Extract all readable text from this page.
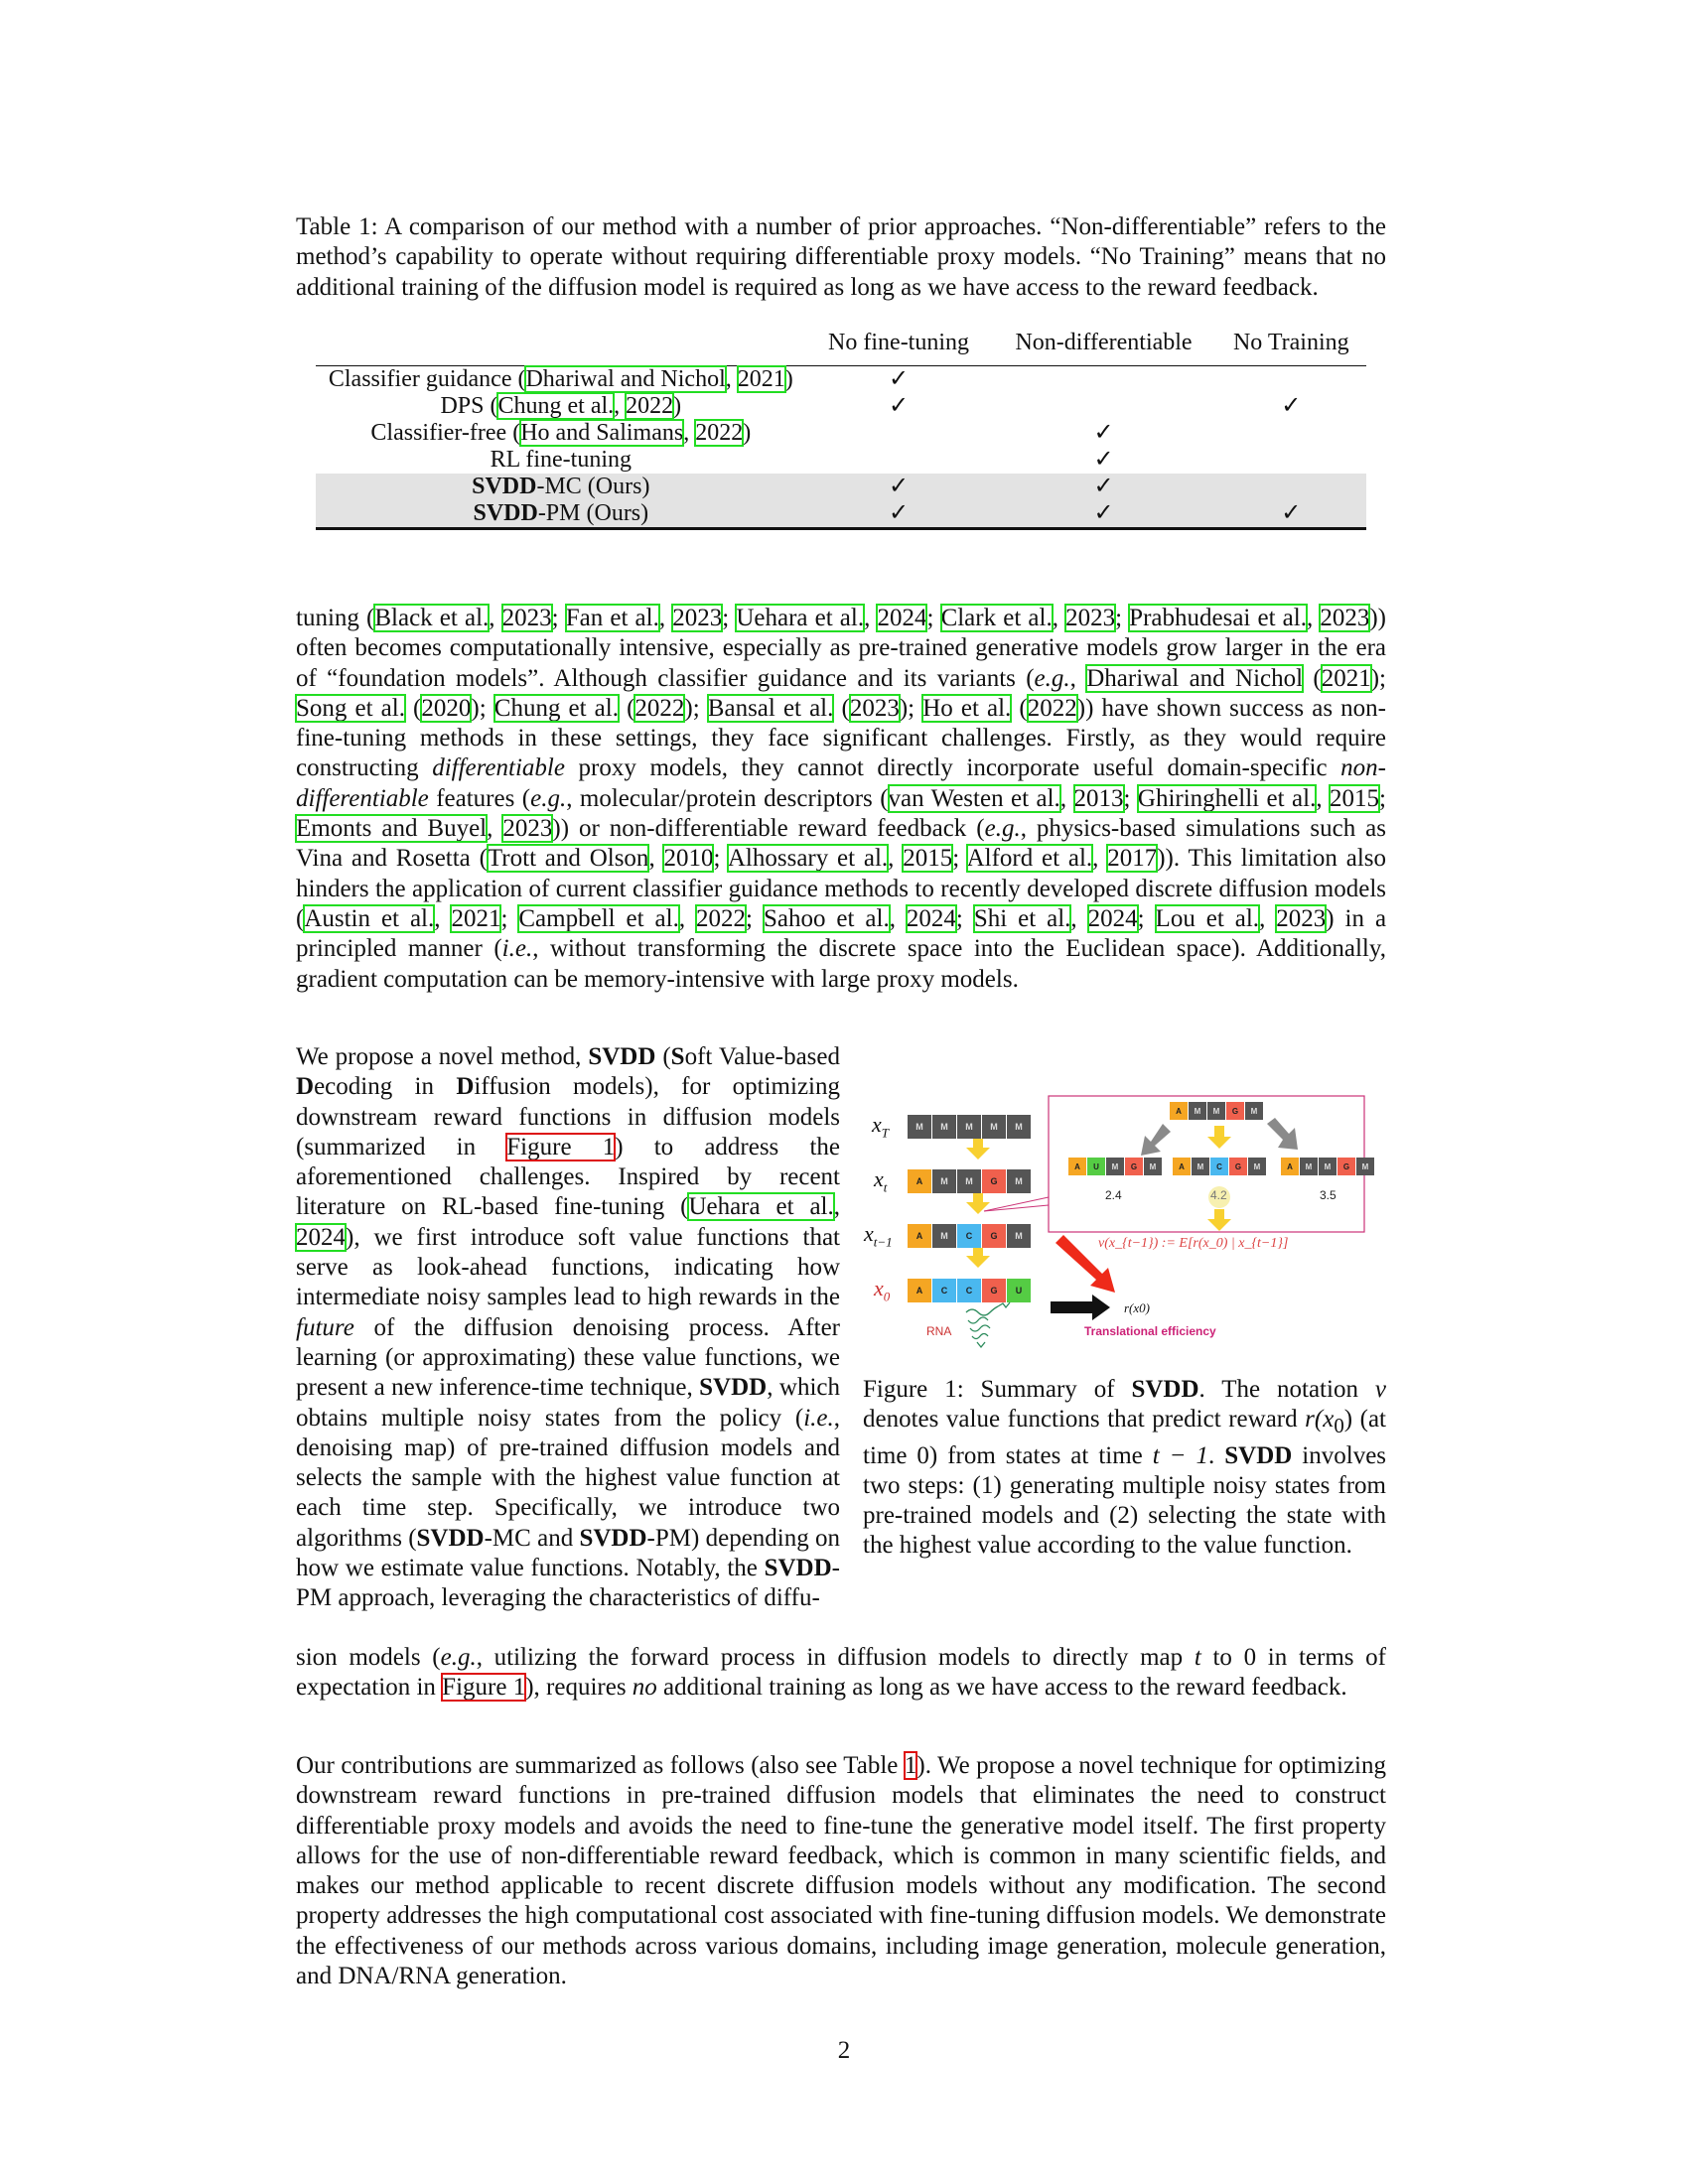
Table 1: A comparison of our method with a number of prior approaches. “Non-differentiable” refers to the method’s capability to operate without requiring differentiable proxy models. “No Training” means that no additional training of the diffusion model is required as long as we have access to the reward feedback.
	No fine-tuning	Non-differentiable	No Training
Classifier guidance (Dhariwal and Nichol, 2021)	✓		
DPS (Chung et al., 2022)	✓		✓
Classifier-free (Ho and Salimans, 2022)		✓	
RL fine-tuning		✓	
SVDD-MC (Ours)	✓	✓	
SVDD-PM (Ours)	✓	✓	✓
tuning (Black et al., 2023; Fan et al., 2023; Uehara et al., 2024; Clark et al., 2023; Prabhudesai et al., 2023)) often becomes computationally intensive, especially as pre-trained generative models grow larger in the era of “foundation models”. Although classifier guidance and its variants (e.g., Dhariwal and Nichol (2021); Song et al. (2020); Chung et al. (2022); Bansal et al. (2023); Ho et al. (2022)) have shown success as non-fine-tuning methods in these settings, they face significant challenges. Firstly, as they would require constructing differentiable proxy models, they cannot directly incorporate useful domain-specific non-differentiable features (e.g., molecular/protein descriptors (van Westen et al., 2013; Ghiringhelli et al., 2015; Emonts and Buyel, 2023)) or non-differentiable reward feedback (e.g., physics-based simulations such as Vina and Rosetta (Trott and Olson, 2010; Alhossary et al., 2015; Alford et al., 2017)). This limitation also hinders the application of current classifier guidance methods to recently developed discrete diffusion models (Austin et al., 2021; Campbell et al., 2022; Sahoo et al., 2024; Shi et al., 2024; Lou et al., 2023) in a principled manner (i.e., without transforming the discrete space into the Euclidean space). Additionally, gradient computation can be memory-intensive with large proxy models.
We propose a novel method, SVDD (Soft Value-based Decoding in Diffusion models), for optimizing downstream reward functions in diffusion models (summarized in Figure 1) to address the aforementioned challenges. Inspired by recent literature on RL-based fine-tuning (Uehara et al., 2024), we first introduce soft value functions that serve as look-ahead functions, indicating how intermediate noisy samples lead to high rewards in the future of the diffusion denoising process. After learning (or approximating) these value functions, we present a new inference-time technique, SVDD, which obtains multiple noisy states from the policy (i.e., denoising map) of pre-trained diffusion models and selects the sample with the highest value function at each time step. Specifically, we introduce two algorithms (SVDD-MC and SVDD-PM) depending on how we estimate value functions. Notably, the SVDD-PM approach, leveraging the characteristics of diffu-
sion models (e.g., utilizing the forward process in diffusion models to directly map t to 0 in terms of expectation in Figure 1), requires no additional training as long as we have access to the reward feedback.
$x_T$
$x_t$
$x_{t-1}$
$x_0$
M	M	M	M	M
A	M	M	G	M
A	M	C	G	M
A	C	C	G	U
A	M	M	G	M
A	U	M	G	M	A	M	C	G	M	A	M	M	G	M
2.4	4.2	3.5
v(x_{t−1}) := E[r(x_0) | x_{t−1}]
r(x0)
RNA	Translational efficiency
Figure 1: Summary of SVDD. The notation v denotes value functions that predict reward $r(x_0)$ (at time 0) from states at time t − 1. SVDD involves two steps: (1) generating multiple noisy states from pre-trained models and (2) selecting the state with the highest value according to the value function.
Our contributions are summarized as follows (also see Table 1). We propose a novel technique for optimizing downstream reward functions in pre-trained diffusion models that eliminates the need to construct differentiable proxy models and avoids the need to fine-tune the generative model itself. The first property allows for the use of non-differentiable reward feedback, which is common in many scientific fields, and makes our method applicable to recent discrete diffusion models without any modification. The second property addresses the high computational cost associated with fine-tuning diffusion models. We demonstrate the effectiveness of our methods across various domains, including image generation, molecule generation, and DNA/RNA generation.
2
